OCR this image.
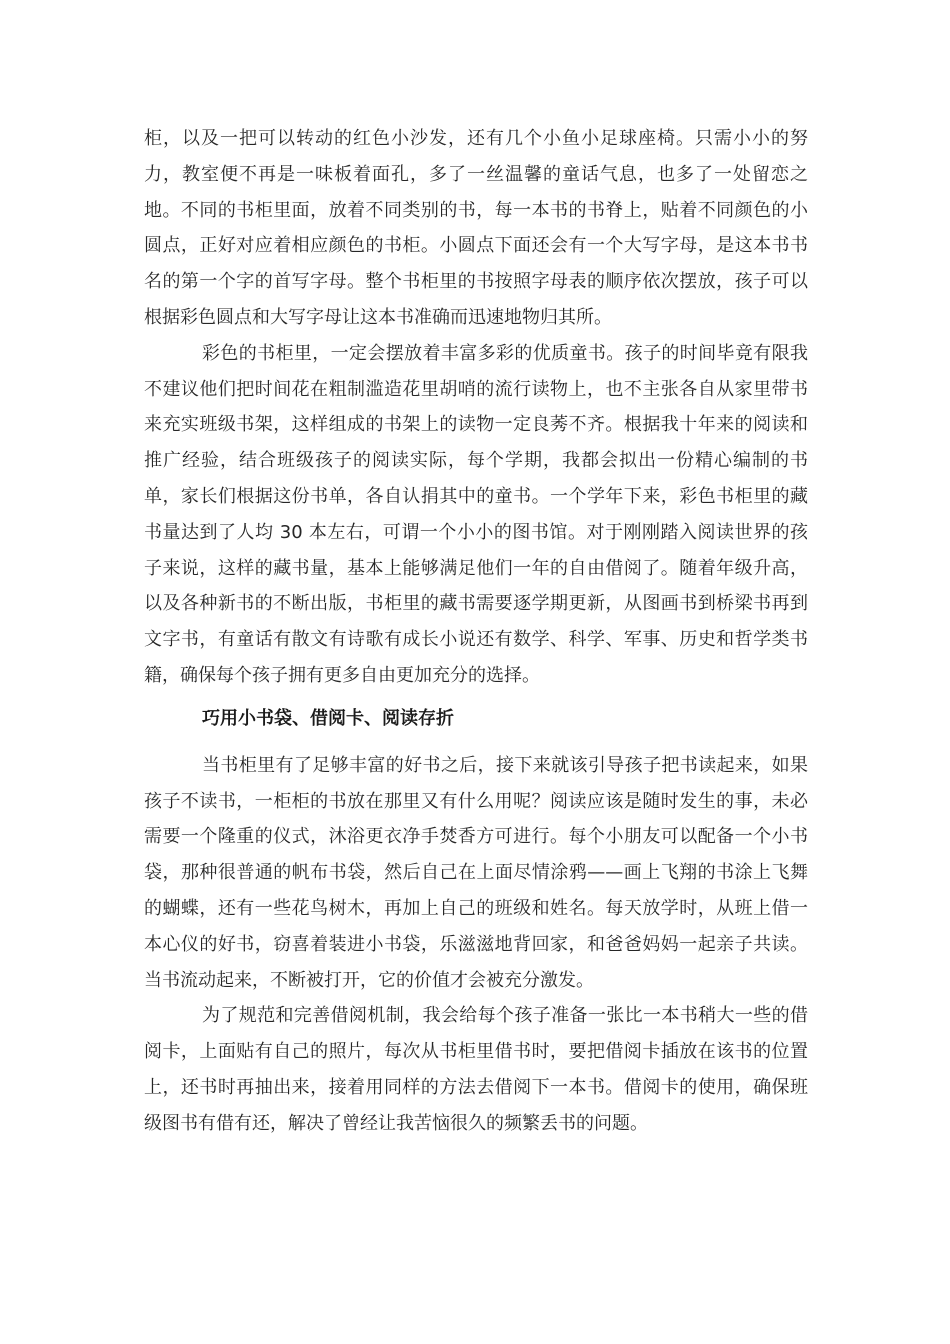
柜，以及一把可以转动的红色小沙发，还有几个小鱼小足球座椅。只需小小的努力，教室便不再是一味板着面孔，多了一丝温馨的童话气息，也多了一处留恋之地。不同的书柜里面，放着不同类别的书，每一本书的书脊上，贴着不同颜色的小圆点，正好对应着相应颜色的书柜。小圆点下面还会有一个大写字母，是这本书书名的第一个字的首写字母。整个书柜里的书按照字母表的顺序依次摆放，孩子可以根据彩色圆点和大写字母让这本书准确而迅速地物归其所。

彩色的书柜里，一定会摆放着丰富多彩的优质童书。孩子的时间毕竟有限我不建议他们把时间花在粗制滥造花里胡哨的流行读物上，也不主张各自从家里带书来充实班级书架，这样组成的书架上的读物一定良莠不齐。根据我十年来的阅读和推广经验，结合班级孩子的阅读实际，每个学期，我都会拟出一份精心编制的书单，家长们根据这份书单，各自认捐其中的童书。一个学年下来，彩色书柜里的藏书量达到了人均 30 本左右，可谓一个小小的图书馆。对于刚刚踏入阅读世界的孩子来说，这样的藏书量，基本上能够满足他们一年的自由借阅了。随着年级升高，以及各种新书的不断出版，书柜里的藏书需要逐学期更新，从图画书到桥梁书再到文字书，有童话有散文有诗歌有成长小说还有数学、科学、军事、历史和哲学类书籍，确保每个孩子拥有更多自由更加充分的选择。

巧用小书袋、借阅卡、阅读存折

当书柜里有了足够丰富的好书之后，接下来就该引导孩子把书读起来，如果孩子不读书，一柜柜的书放在那里又有什么用呢？阅读应该是随时发生的事，未必需要一个隆重的仪式，沐浴更衣净手焚香方可进行。每个小朋友可以配备一个小书袋，那种很普通的帆布书袋，然后自己在上面尽情涂鸦——画上飞翔的书涂上飞舞的蝴蝶，还有一些花鸟树木，再加上自己的班级和姓名。每天放学时，从班上借一本心仪的好书，窃喜着装进小书袋，乐滋滋地背回家，和爸爸妈妈一起亲子共读。当书流动起来，不断被打开，它的价值才会被充分激发。

为了规范和完善借阅机制，我会给每个孩子准备一张比一本书稍大一些的借阅卡，上面贴有自己的照片，每次从书柜里借书时，要把借阅卡插放在该书的位置上，还书时再抽出来，接着用同样的方法去借阅下一本书。借阅卡的使用，确保班级图书有借有还，解决了曾经让我苦恼很久的频繁丢书的问题。
